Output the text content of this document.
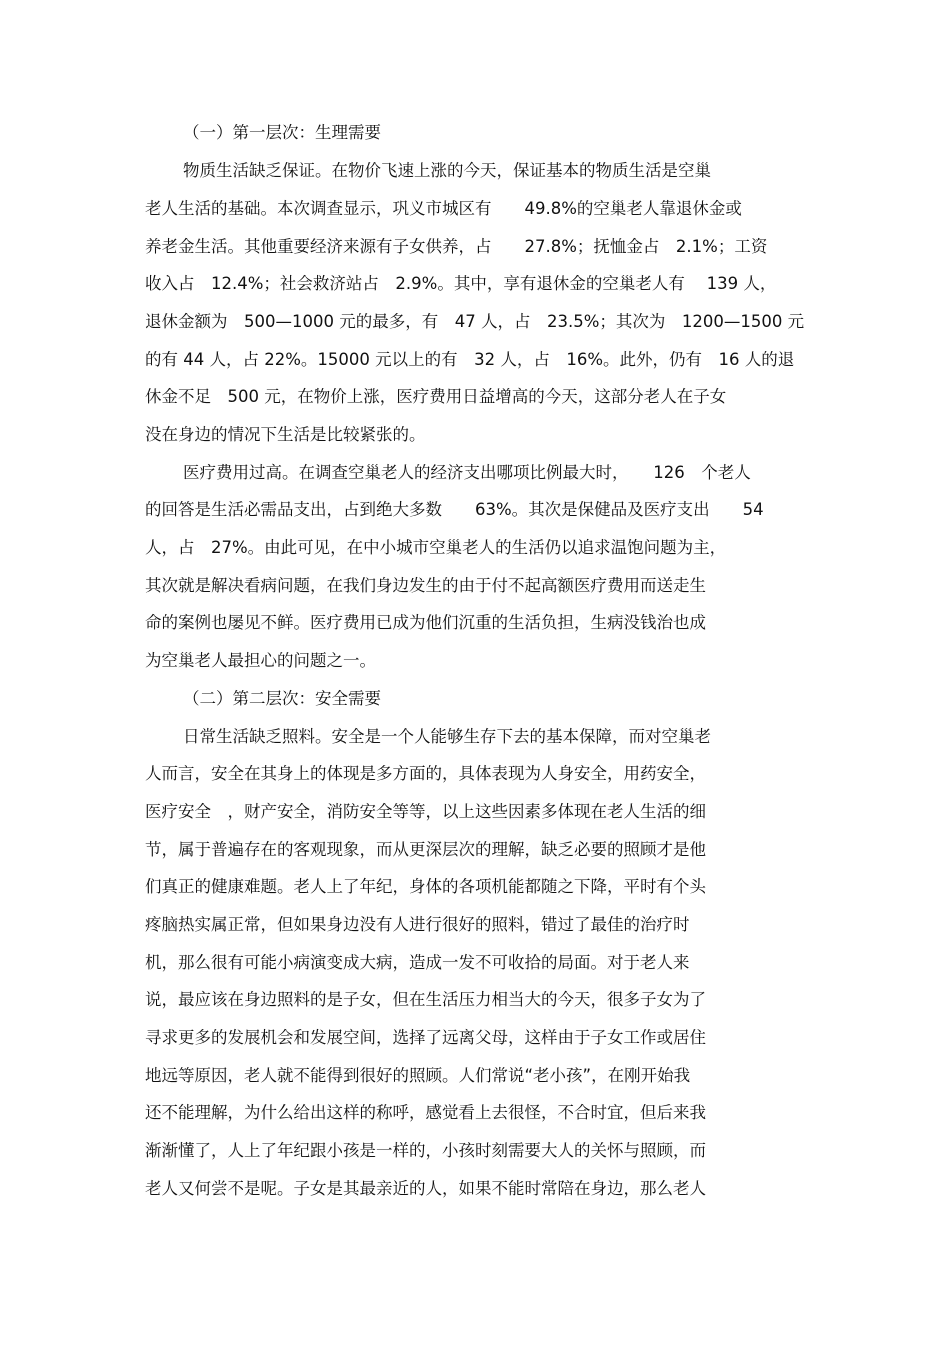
（一）第一层次：生理需要
物质生活缺乏保证。在物价飞速上涨的今天，保证基本的物质生活是空巢
老人生活的基础。本次调查显示，巩义市城区有　　49.8%的空巢老人靠退休金或
养老金生活。其他重要经济来源有子女供养，占　　27.8%；抚恤金占　2.1%；工资
收入占　12.4%；社会救济站占　2.9%。其中，享有退休金的空巢老人有　 139 人，
退休金额为　500—1000 元的最多，有　47 人，占　23.5%；其次为　1200—1500 元
的有 44 人，占 22%。15000 元以上的有　32 人，占　16%。此外，仍有　16 人的退
休金不足　500 元，在物价上涨，医疗费用日益增高的今天，这部分老人在子女
没在身边的情况下生活是比较紧张的。
医疗费用过高。在调查空巢老人的经济支出哪项比例最大时，　　126　个老人
的回答是生活必需品支出，占到绝大多数　　63%。其次是保健品及医疗支出　　54
人，占　27%。由此可见，在中小城市空巢老人的生活仍以追求温饱问题为主，
其次就是解决看病问题，在我们身边发生的由于付不起高额医疗费用而送走生
命的案例也屡见不鲜。医疗费用已成为他们沉重的生活负担，生病没钱治也成
为空巢老人最担心的问题之一。
（二）第二层次：安全需要
日常生活缺乏照料。安全是一个人能够生存下去的基本保障，而对空巢老
人而言，安全在其身上的体现是多方面的，具体表现为人身安全，用药安全，
医疗安全　，财产安全，消防安全等等，以上这些因素多体现在老人生活的细
节，属于普遍存在的客观现象，而从更深层次的理解，缺乏必要的照顾才是他
们真正的健康难题。老人上了年纪，身体的各项机能都随之下降，平时有个头
疼脑热实属正常，但如果身边没有人进行很好的照料，错过了最佳的治疗时
机，那么很有可能小病演变成大病，造成一发不可收拾的局面。对于老人来
说，最应该在身边照料的是子女，但在生活压力相当大的今天，很多子女为了
寻求更多的发展机会和发展空间，选择了远离父母，这样由于子女工作或居住
地远等原因，老人就不能得到很好的照顾。人们常说“老小孩”，在刚开始我
还不能理解，为什么给出这样的称呼，感觉看上去很怪，不合时宜，但后来我
渐渐懂了，人上了年纪跟小孩是一样的，小孩时刻需要大人的关怀与照顾，而
老人又何尝不是呢。子女是其最亲近的人，如果不能时常陪在身边，那么老人
